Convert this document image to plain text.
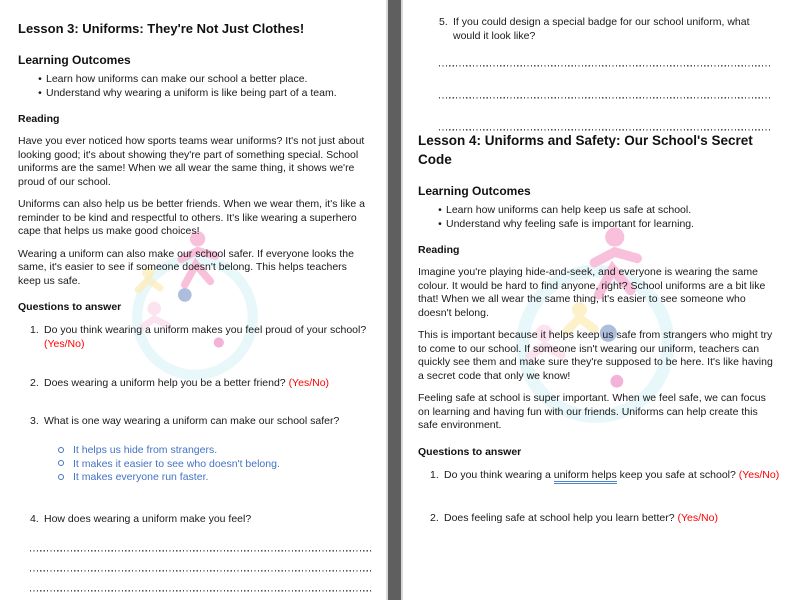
Lesson 3: Uniforms: They're Not Just Clothes!
Learning Outcomes
• Learn how uniforms can make our school a better place.
• Understand why wearing a uniform is like being part of a team.
Reading

Have you ever noticed how sports teams wear uniforms? It's not just about looking good; it's about showing they're part of something special. School uniforms are the same! When we all wear the same thing, it shows we're proud of our school.

Uniforms can also help us be better friends. When we wear them, it's like a reminder to be kind and respectful to others. It's like wearing a superhero cape that helps us make good choices!

Wearing a uniform can also make our school safer. If everyone looks the same, it's easier to see if someone doesn't belong. This helps teachers keep us safe.

Questions to answer
1. Do you think wearing a uniform makes you feel proud of your school?
(Yes/No)
2. Does wearing a uniform help you be a better friend? (Yes/No)
3. What is one way wearing a uniform can make our school safer?
It helps us hide from strangers.
It makes it easier to see who doesn't belong.
It makes everyone run faster.
4. How does wearing a uniform make you feel?
5. If you could design a special badge for our school uniform, what would it look like?
Lesson 4: Uniforms and Safety: Our School's Secret Code
Learning Outcomes
• Learn how uniforms can help keep us safe at school.
• Understand why feeling safe is important for learning.
Reading

Imagine you're playing hide-and-seek, and everyone is wearing the same colour. It would be hard to find anyone, right? School uniforms are a bit like that! When we all wear the same thing, it's easier to see someone who doesn't belong.

This is important because it helps keep us safe from strangers who might try to come to our school. If someone isn't wearing our uniform, teachers can quickly see them and make sure they're supposed to be here. It's like having a secret code that only we know!

Feeling safe at school is super important. When we feel safe, we can focus on learning and having fun with our friends. Uniforms can help create this safe environment.

Questions to answer
1. Do you think wearing a uniform helps keep you safe at school? (Yes/No)
2. Does feeling safe at school help you learn better? (Yes/No)
